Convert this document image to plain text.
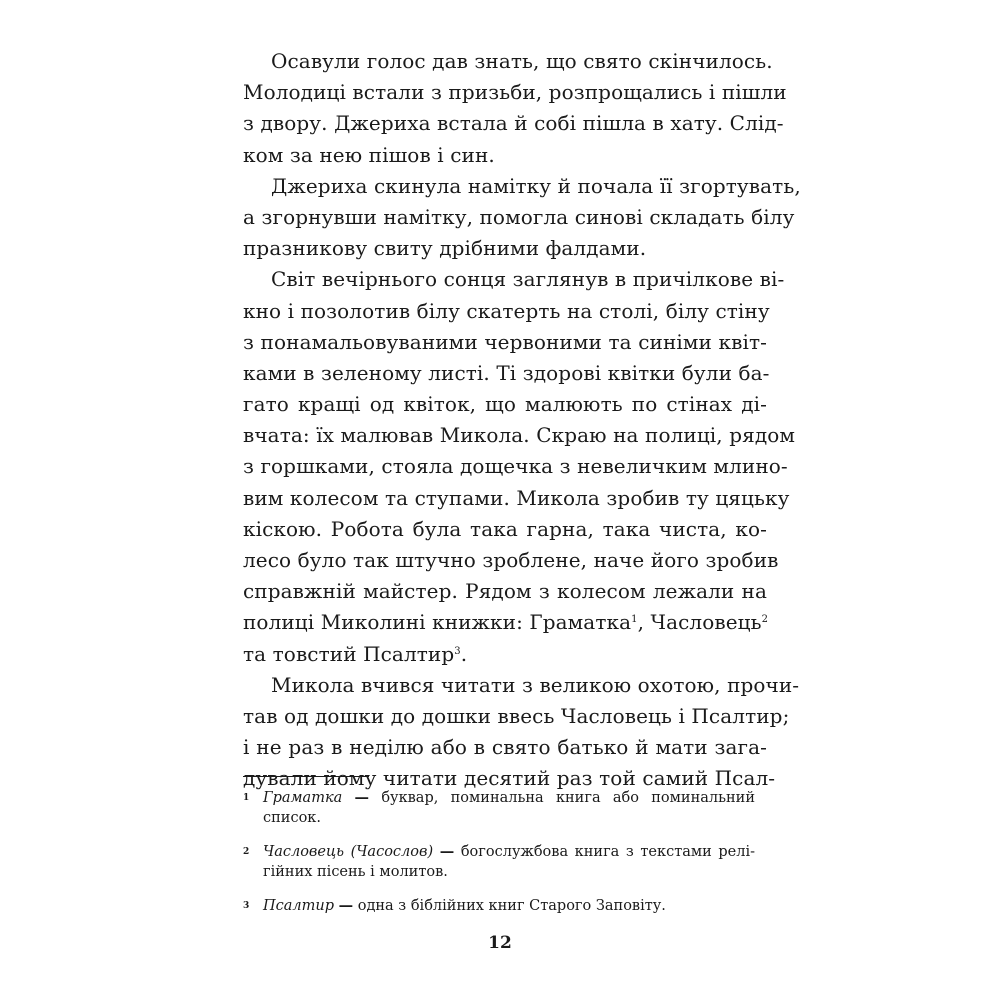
Осавули голос дав знать, що свято скінчилось.
Молодиці встали з призьби, розпрощались і пішли
з двору. Джериха встала й собі пішла в хату. Слід-
ком за нею пішов і син.
Джериха скинула намітку й почала її згортувать,
а згорнувши намітку, помогла синові складать білу
празникову свиту дрібними фалдами.
Світ вечірнього сонця заглянув в причілкове ві-
кно і позолотив білу скатерть на столі, білу стіну
з понамальовуваними червоними та синіми квіт-
ками в зеленому листі. Ті здорові квітки були ба-
гато кращі од квіток, що малюють по стінах ді-
вчата: їх малював Микола. Скраю на полиці, рядом
з горшками, стояла дощечка з невеличким млино-
вим колесом та ступами. Микола зробив ту цяцьку
кіскою. Робота була така гарна, така чиста, ко-
лесо було так штучно зроблене, наче його зробив
справжній майстер. Рядом з колесом лежали на
полиці Миколині книжки: Граматка$^1$, Часловець$^2$
та товстий Псалтир$^3$.
Микола вчився читати з великою охотою, прочи-
тав од дошки до дошки ввесь Часловець і Псалтир;
і не раз в неділю або в свято батько й мати зага-
дували йому читати десятий раз той самий Псал-
1 Граматка — буквар, поминальна книга або поминальний
список.
2 Часловець (Часослов) — богослужбова книга з текстами релі-
гійних пісень і молитов.
3 Псалтир — одна з біблійних книг Старого Заповіту.
12
